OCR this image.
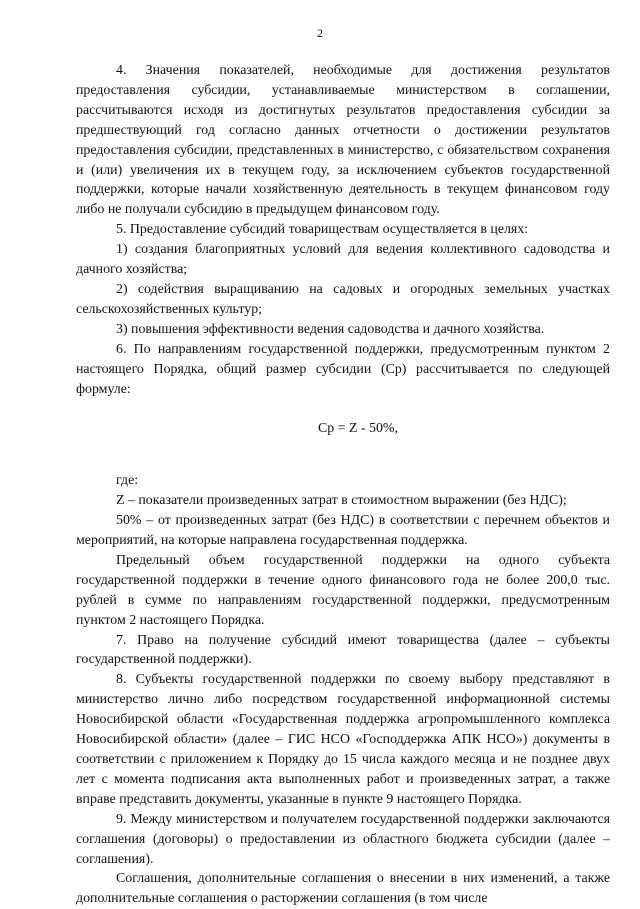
2

4. Значения показателей, необходимые для достижения результатов предоставления субсидии, устанавливаемые министерством в соглашении, рассчитываются исходя из достигнутых результатов предоставления субсидии за предшествующий год согласно данных отчетности о достижении результатов предоставления субсидии, представленных в министерство, с обязательством сохранения и (или) увеличения их в текущем году, за исключением субъектов государственной поддержки, которые начали хозяйственную деятельность в текущем финансовом году либо не получали субсидию в предыдущем финансовом году.

5. Предоставление субсидий товариществам осуществляется в целях:

1) создания благоприятных условий для ведения коллективного садоводства и дачного хозяйства;

2) содействия выращиванию на садовых и огородных земельных участках сельскохозяйственных культур;

3) повышения эффективности ведения садоводства и дачного хозяйства.

6. По направлениям государственной поддержки, предусмотренным пунктом 2 настоящего Порядка, общий размер субсидии (Ср) рассчитывается по следующей формуле:

Ср = Z - 50%,

где:

Z – показатели произведенных затрат в стоимостном выражении (без НДС);

50% – от произведенных затрат (без НДС) в соответствии с перечнем объектов и мероприятий, на которые направлена государственная поддержка.

Предельный объем государственной поддержки на одного субъекта государственной поддержки в течение одного финансового года не более 200,0 тыс. рублей в сумме по направлениям государственной поддержки, предусмотренным пунктом 2 настоящего Порядка.

7. Право на получение субсидий имеют товарищества (далее – субъекты государственной поддержки).

8. Субъекты государственной поддержки по своему выбору представляют в министерство лично либо посредством государственной информационной системы Новосибирской области «Государственная поддержка агропромышленного комплекса Новосибирской области» (далее – ГИС НСО «Господдержка АПК НСО») документы в соответствии с приложением к Порядку до 15 числа каждого месяца и не позднее двух лет с момента подписания акта выполненных работ и произведенных затрат, а также вправе представить документы, указанные в пункте 9 настоящего Порядка.

9. Между министерством и получателем государственной поддержки заключаются соглашения (договоры) о предоставлении из областного бюджета субсидии (далее – соглашения).

Соглашения, дополнительные соглашения о внесении в них изменений, а также дополнительные соглашения о расторжении соглашения (в том числе
